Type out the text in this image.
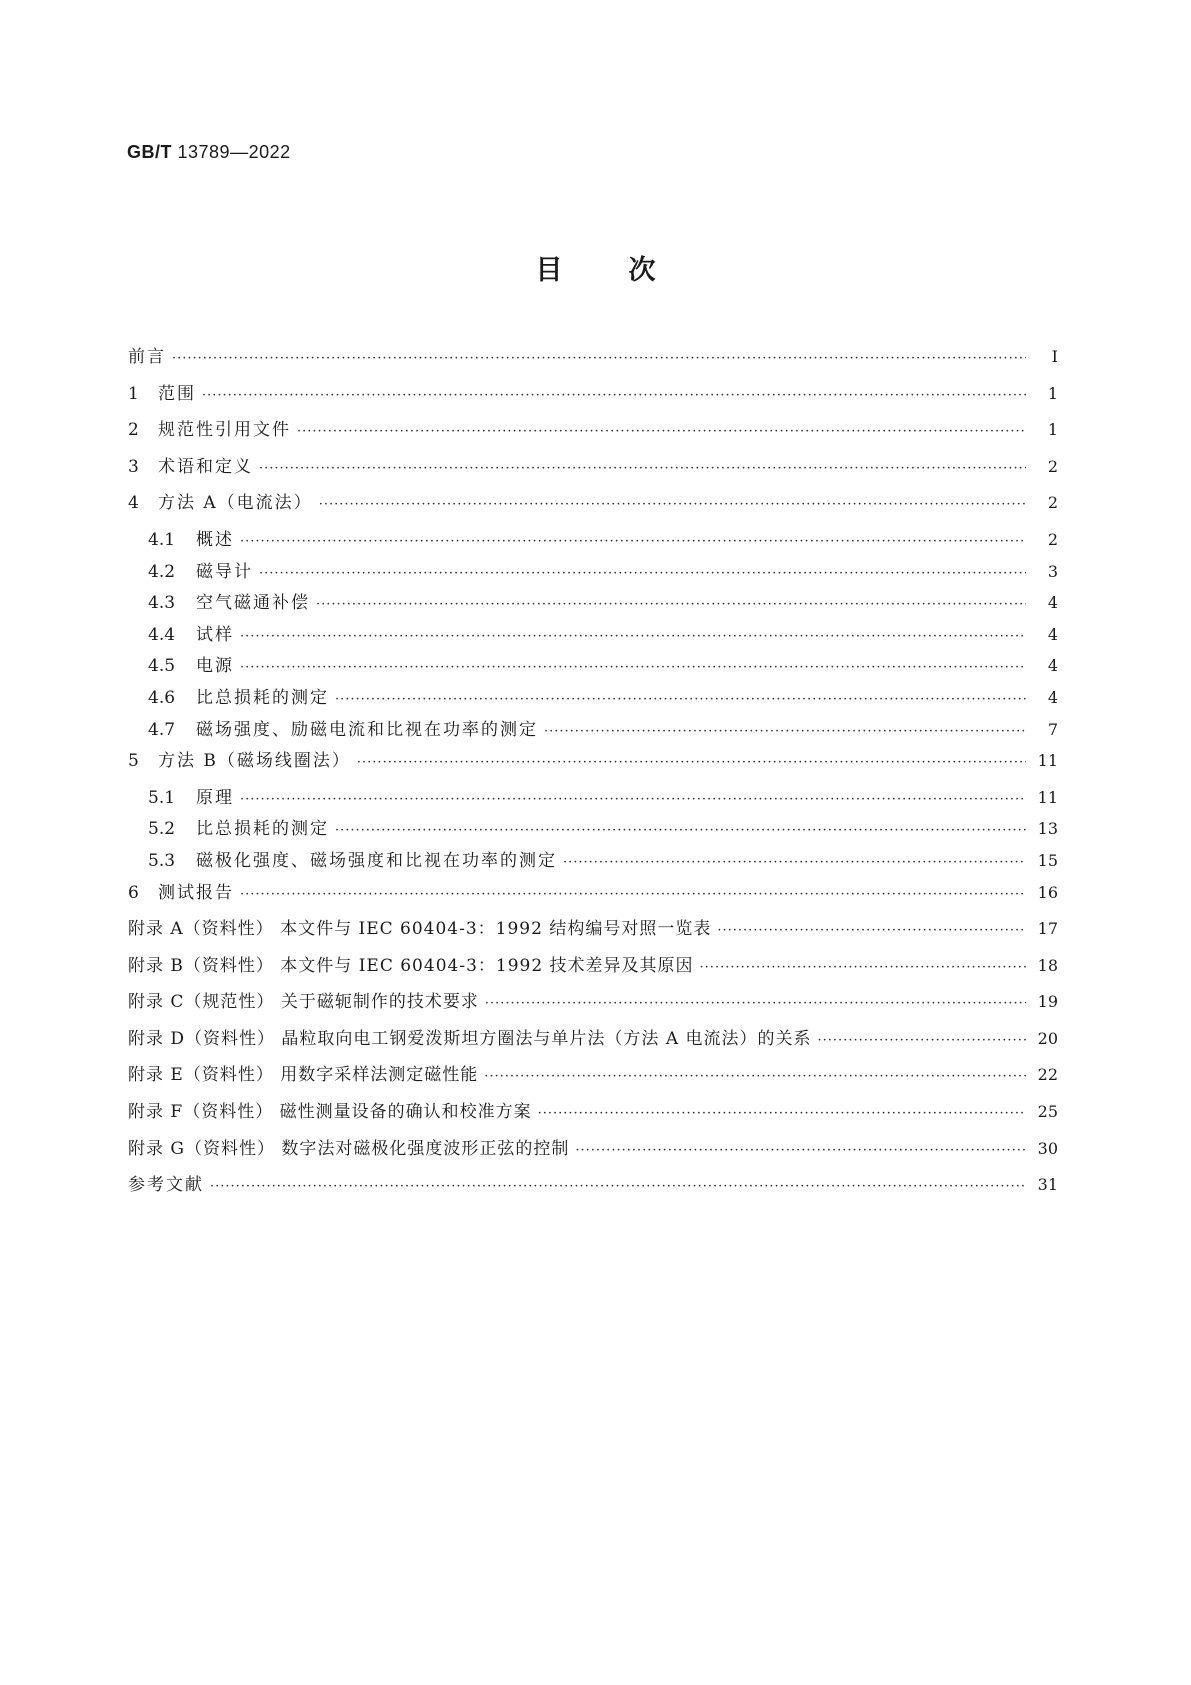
GB/T 13789—2022
目次
前言 ·····	Ⅰ
1	范围 ·····	1
2	规范性引用文件 ·····	1
3	术语和定义 ·····	2
4	方法 A（电流法） ·····	2
4.1	概述 ·····	2
4.2	磁导计 ·····	3
4.3	空气磁通补偿 ·····	4
4.4	试样 ·····	4
4.5	电源 ·····	4
4.6	比总损耗的测定 ·····	4
4.7	磁场强度、励磁电流和比视在功率的测定 ·····	7
5	方法 B（磁场线圈法） ·····	11
5.1	原理 ·····	11
5.2	比总损耗的测定 ·····	13
5.3	磁极化强度、磁场强度和比视在功率的测定 ·····	15
6	测试报告 ·····	16
附录 A（资料性） 本文件与 IEC 60404-3：1992 结构编号对照一览表 ·····	17
附录 B（资料性） 本文件与 IEC 60404-3：1992 技术差异及其原因 ·····	18
附录 C（规范性） 关于磁轭制作的技术要求 ·····	19
附录 D（资料性） 晶粒取向电工钢爱泼斯坦方圈法与单片法（方法 A 电流法）的关系 ·····	20
附录 E（资料性） 用数字采样法测定磁性能 ·····	22
附录 F（资料性） 磁性测量设备的确认和校准方案 ·····	25
附录 G（资料性） 数字法对磁极化强度波形正弦的控制 ·····	30
参考文献 ·····	31
